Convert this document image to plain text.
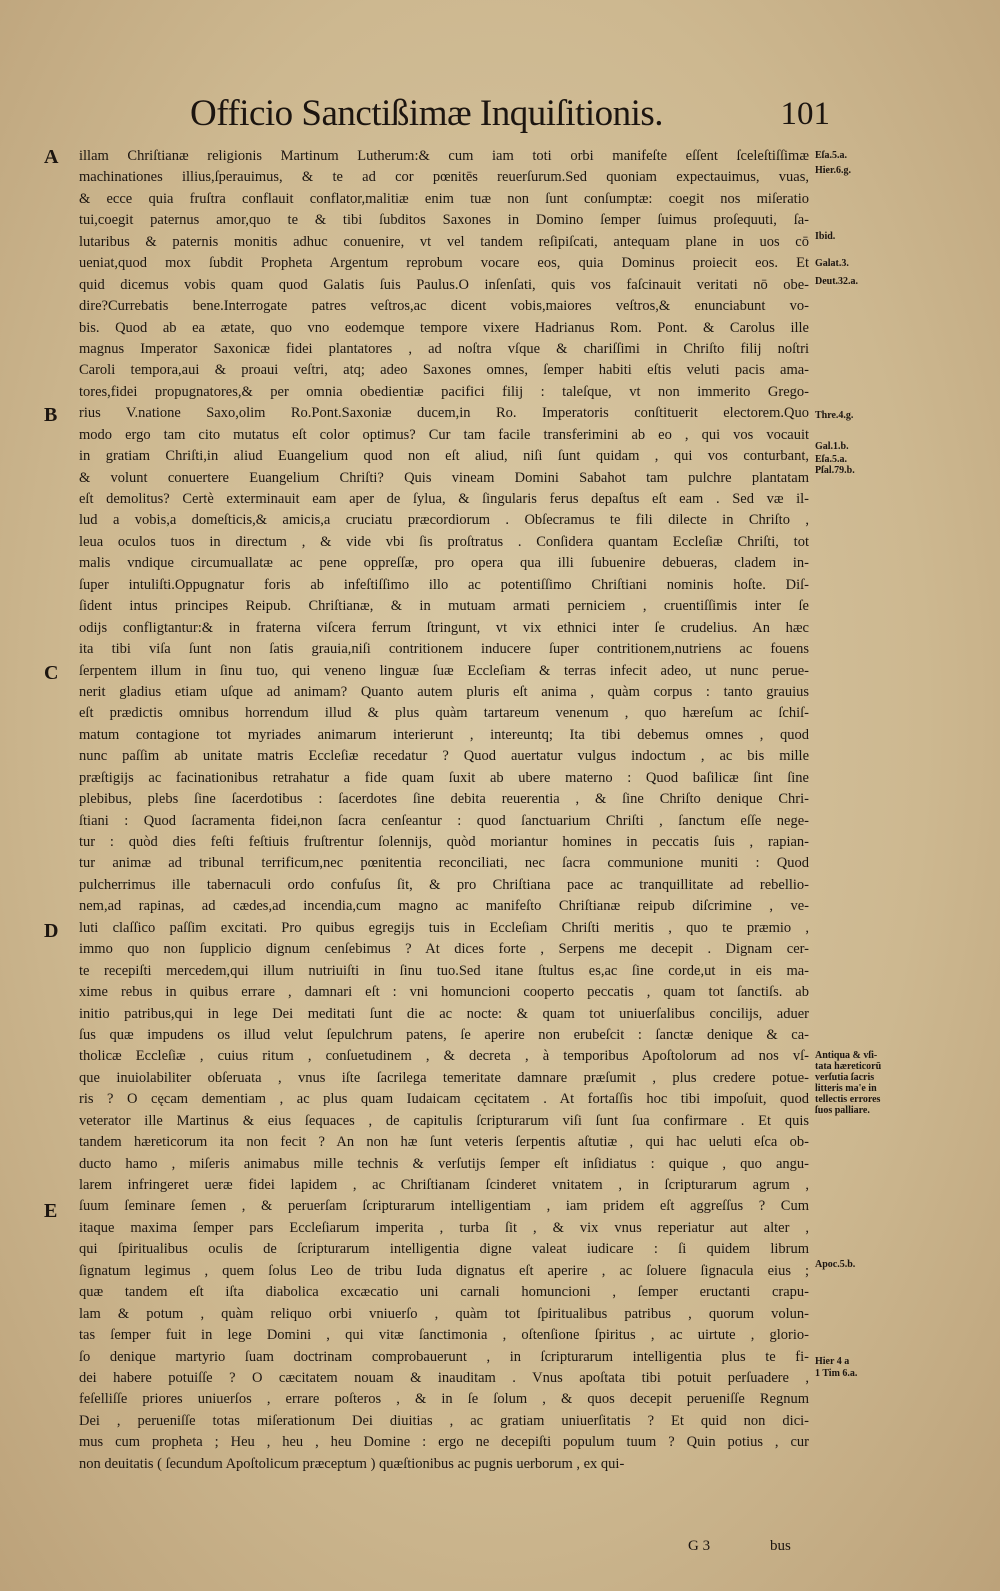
Officio Sanctißimæ Inquiſitionis.	101
A
B
C
D
E
illam Chriſtianæ religionis Martinum Lutherum:& cum iam toti orbi manifeſte eſſent ſceleſtiſſimæ
machinationes illius,ſperauimus, & te ad cor pœnitēs reuerſurum.Sed quoniam expectauimus, vuas,
& ecce quia fruſtra conflauit conflator,malitiæ enim tuæ non ſunt conſumptæ: coegit nos miſeratio
tui,coegit paternus amor,quo te & tibi ſubditos Saxones in Domino ſemper ſuimus proſequuti, ſa-
lutaribus & paternis monitis adhuc conuenire, vt vel tandem reſipiſcati, antequam plane in uos cō
ueniat,quod mox ſubdit Propheta Argentum reprobum vocare eos, quia Dominus proiecit eos. Et
quid dicemus vobis quam quod Galatis ſuis Paulus.O inſenſati, quis vos faſcinauit veritati nō obe-
dire?Currebatis bene.Interrogate patres veſtros,ac dicent vobis,maiores veſtros,& enunciabunt vo-
bis. Quod ab ea ætate, quo vno eodemque tempore vixere Hadrianus Rom. Pont. & Carolus ille
magnus Imperator Saxonicæ fidei plantatores , ad noſtra vſque & chariſſimi in Chriſto filij noſtri
Caroli tempora,aui & proaui veſtri, atq; adeo Saxones omnes, ſemper habiti eſtis veluti pacis ama-
tores,fidei propugnatores,& per omnia obedientiæ pacifici filij : taleſque, vt non immerito Grego-
rius V.natione Saxo,olim Ro.Pont.Saxoniæ ducem,in Ro. Imperatoris conſtituerit electorem.Quo
modo ergo tam cito mutatus eſt color optimus? Cur tam facile transferimini ab eo , qui vos vocauit
in gratiam Chriſti,in aliud Euangelium quod non eſt aliud, niſi ſunt quidam , qui vos conturbant,
& volunt conuertere Euangelium Chriſti? Quis vineam Domini Sabahot tam pulchre plantatam
eſt demolitus? Certè exterminauit eam aper de ſylua, & ſingularis ferus depaſtus eſt eam . Sed væ il-
lud a vobis,a domeſticis,& amicis,a cruciatu præcordiorum . Obſecramus te fili dilecte in Chriſto ,
leua oculos tuos in directum , & vide vbi ſis proſtratus . Conſidera quantam Eccleſiæ Chriſti, tot
malis vndique circumuallatæ ac pene oppreſſæ, pro opera qua illi ſubuenire debueras, cladem in-
ſuper intuliſti.Oppugnatur foris ab infeſtiſſimo illo ac potentiſſimo Chriſtiani nominis hoſte. Diſ-
ſident intus principes Reipub. Chriſtianæ, & in mutuam armati perniciem , cruentiſſimis inter ſe
odijs confligtantur:& in fraterna viſcera ferrum ſtringunt, vt vix ethnici inter ſe crudelius. An hæc
ita tibi viſa ſunt non ſatis grauia,niſi contritionem inducere ſuper contritionem,nutriens ac fouens
ſerpentem illum in ſinu tuo, qui veneno linguæ ſuæ Eccleſiam & terras infecit adeo, ut nunc perue-
nerit gladius etiam uſque ad animam? Quanto autem pluris eſt anima , quàm corpus : tanto grauius
eſt prædictis omnibus horrendum illud & plus quàm tartareum venenum , quo hæreſum ac ſchiſ-
matum contagione tot myriades animarum interierunt , intereuntq; Ita tibi debemus omnes , quod
nunc paſſim ab unitate matris Eccleſiæ recedatur ? Quod auertatur vulgus indoctum , ac bis mille
præſtigijs ac facinationibus retrahatur a fide quam ſuxit ab ubere materno : Quod baſilicæ ſint ſine
plebibus, plebs ſine ſacerdotibus : ſacerdotes ſine debita reuerentia , & ſine Chriſto denique Chri-
ſtiani : Quod ſacramenta fidei,non ſacra cenſeantur : quod ſanctuarium Chriſti , ſanctum eſſe nege-
tur : quòd dies feſti feſtiuis fruſtrentur ſolennijs, quòd moriantur homines in peccatis ſuis , rapian-
tur animæ ad tribunal terrificum,nec pœnitentia reconciliati, nec ſacra communione muniti : Quod
pulcherrimus ille tabernaculi ordo confuſus ſit, & pro Chriſtiana pace ac tranquillitate ad rebellio-
nem,ad rapinas, ad cædes,ad incendia,cum magno ac manifeſto Chriſtianæ reipub diſcrimine , ve-
luti claſſico paſſim excitati. Pro quibus egregijs tuis in Eccleſiam Chriſti meritis , quo te præmio ,
immo quo non ſupplicio dignum cenſebimus ? At dices forte , Serpens me decepit . Dignam cer-
te recepiſti mercedem,qui illum nutriuiſti in ſinu tuo.Sed itane ſtultus es,ac ſine corde,ut in eis ma-
xime rebus in quibus errare , damnari eſt : vni homuncioni cooperto peccatis , quam tot ſanctiſs. ab
initio patribus,qui in lege Dei meditati ſunt die ac nocte: & quam tot uniuerſalibus concilijs, aduer
ſus quæ impudens os illud velut ſepulchrum patens, ſe aperire non erubeſcit : ſanctæ denique & ca-
tholicæ Eccleſiæ , cuius ritum , conſuetudinem , & decreta , à temporibus Apoſtolorum ad nos vſ-
que inuiolabiliter obſeruata , vnus iſte ſacrilega temeritate damnare præſumit , plus credere potue-
ris ? O cęcam dementiam , ac plus quam Iudaicam cęcitatem . At fortaſſis hoc tibi impoſuit, quod
veterator ille Martinus & eius ſequaces , de capitulis ſcripturarum viſi ſunt ſua confirmare . Et quis
tandem hæreticorum ita non fecit ? An non hæ ſunt veteris ſerpentis aſtutiæ , qui hac ueluti eſca ob-
ducto hamo , miſeris animabus mille technis & verſutijs ſemper eſt inſidiatus : quique , quo angu-
larem infringeret ueræ fidei lapidem , ac Chriſtianam ſcinderet vnitatem , in ſcripturarum agrum ,
ſuum ſeminare ſemen , & peruerſam ſcripturarum intelligentiam , iam pridem eſt aggreſſus ? Cum
itaque maxima ſemper pars Eccleſiarum imperita , turba ſit , & vix vnus reperiatur aut alter ,
qui ſpiritualibus oculis de ſcripturarum intelligentia digne valeat iudicare : ſi quidem librum
ſignatum legimus , quem ſolus Leo de tribu Iuda dignatus eſt aperire , ac ſoluere ſignacula eius ;
quæ tandem eſt iſta diabolica excæcatio uni carnali homuncioni , ſemper eructanti crapu-
lam & potum , quàm reliquo orbi vniuerſo , quàm tot ſpiritualibus patribus , quorum volun-
tas ſemper fuit in lege Domini , qui vitæ ſanctimonia , oſtenſione ſpiritus , ac uirtute , glorio-
ſo denique martyrio ſuam doctrinam comprobauerunt , in ſcripturarum intelligentia plus te fi-
dei habere potuiſſe ? O cæcitatem nouam & inauditam . Vnus apoſtata tibi potuit perſuadere ,
feſelliſſe priores uniuerſos , errare poſteros , & in ſe ſolum , & quos decepit perueniſſe Regnum
Dei , perueniſſe totas miſerationum Dei diuitias , ac gratiam uniuerſitatis ? Et quid non dici-
mus cum propheta ; Heu , heu , heu Domine : ergo ne decepiſti populum tuum ? Quin potius , cur
non deuitatis ( ſecundum Apoſtolicum præceptum ) quæſtionibus ac pugnis uerborum , ex qui-
Eſa.5.a.
Hier.6.g.
Ibid.
Galat.3.
Deut.32.a.
Thre.4.g.
Gal.1.b.
Eſa.5.a.
Pſal.79.b.
Antiqua & vſi-
tata hæreticorū
verſutia ſacris
litteris ma'e in
tellectis errores
ſuos palliare.
Apoc.5.b.
Hier 4 a
1 Tim 6.a.
G 3	bus
